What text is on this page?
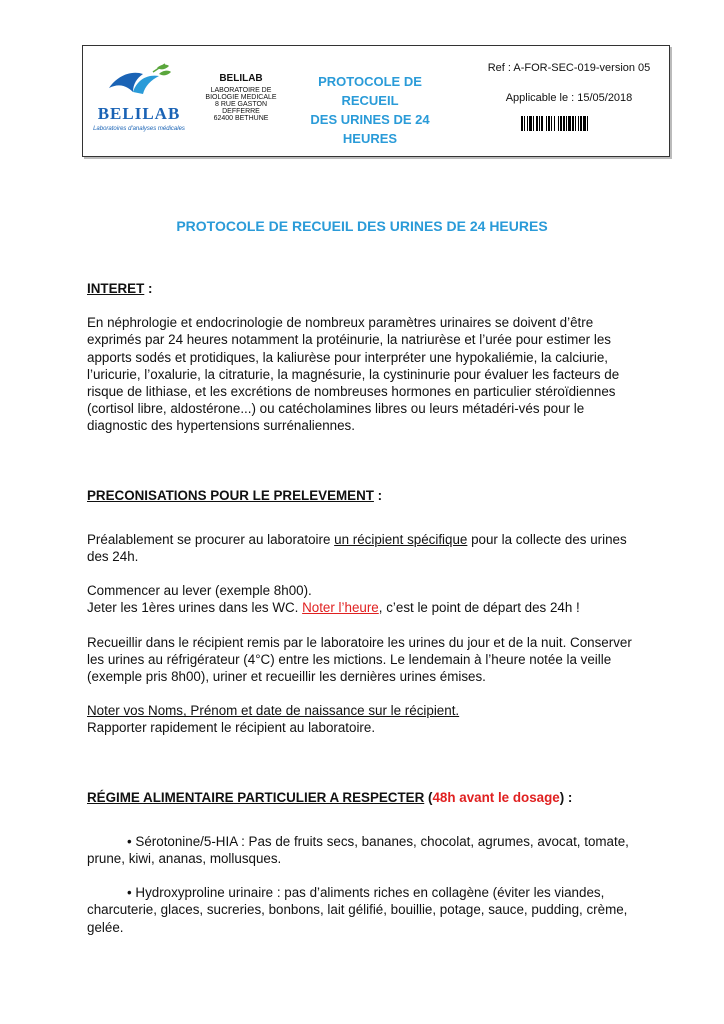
BELILAB
Laboratoires d'analyses médicales
BELILAB
LABORATOIRE DE
BIOLOGIE MEDICALE
8 RUE GASTON
DEFFERRE
62400 BETHUNE
PROTOCOLE DE RECUEIL
DES URINES DE 24
HEURES
Ref : A-FOR-SEC-019-version 05
Applicable le : 15/05/2018
PROTOCOLE DE RECUEIL DES URINES DE 24 HEURES

INTERET :

En néphrologie et endocrinologie de nombreux paramètres urinaires se doivent d’être exprimés par 24 heures notamment la protéinurie, la natriurèse et l’urée pour estimer les apports sodés et protidiques, la kaliurèse pour interpréter une hypokaliémie, la calciurie, l’uricurie, l’oxalurie, la citraturie, la magnésurie, la cystininurie pour évaluer les facteurs de risque de lithiase, et les excrétions de nombreuses hormones en particulier stéroïdiennes (cortisol libre, aldostérone...) ou catécholamines libres ou leurs métadéri-vés pour le diagnostic des hypertensions surrénaliennes.

PRECONISATIONS POUR LE PRELEVEMENT :

Préalablement se procurer au laboratoire un récipient spécifique pour la collecte des urines des 24h.

Commencer au lever (exemple 8h00).

Jeter les 1ères urines dans les WC. Noter l’heure, c’est le point de départ des 24h !

Recueillir dans le récipient remis par le laboratoire les urines du jour et de la nuit. Conserver les urines au réfrigérateur (4°C) entre les mictions. Le lendemain à l’heure notée la veille (exemple pris 8h00), uriner et recueillir les dernières urines émises.

Noter vos Noms, Prénom et date de naissance sur le récipient.

Rapporter rapidement le récipient au laboratoire.

RÉGIME ALIMENTAIRE PARTICULIER A RESPECTER (48h avant le dosage) :

• Sérotonine/5-HIA : Pas de fruits secs, bananes, chocolat, agrumes, avocat, tomate, prune, kiwi, ananas, mollusques.

• Hydroxyproline urinaire : pas d’aliments riches en collagène (éviter les viandes, charcuterie, glaces, sucreries, bonbons, lait gélifié, bouillie, potage, sauce, pudding, crème, gelée.
